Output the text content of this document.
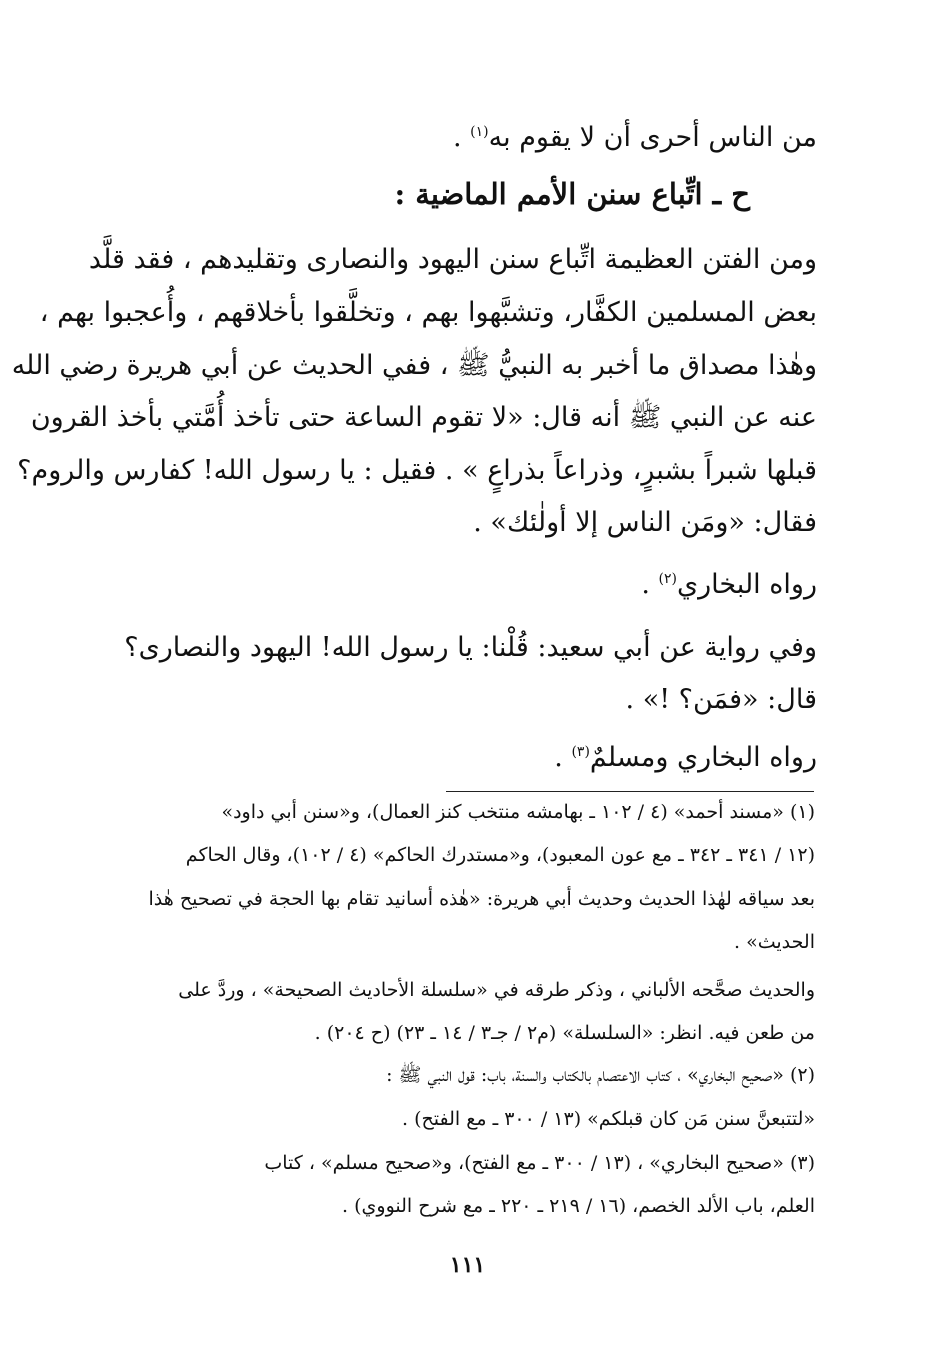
من الناس أحرى أن لا يقوم به$^{(١)}$ .
ح ـ اتِّباع سنن الأمم الماضية :
ومن الفتن العظيمة اتِّباع سنن اليهود والنصارى وتقليدهم ، فقد قلَّد
بعض المسلمين الكفَّار، وتشبَّهوا بهم ، وتخلَّقوا بأخلاقهم ، وأُعجبوا بهم ،
وهٰذا مصداق ما أخبر به النبيُّ ﷺ ، ففي الحديث عن أبي هريرة رضي الله
عنه عن النبي ﷺ أنه قال: «لا تقوم الساعة حتى تأخذ أُمَّتي بأخذ القرون
قبلها شبراً بشبرٍ، وذراعاً بذراعٍ » . فقيل : يا رسول الله! كفارس والروم؟
فقال: «ومَن الناس إلا أولٰئك» .
رواه البخاري$^{(٢)}$ .
وفي رواية عن أبي سعيد: قُلْنا: يا رسول الله! اليهود والنصارى؟
قال: «فمَن؟ !» .
رواه البخاري ومسلمٌ$^{(٣)}$ .
(١) «مسند أحمد» (٤ / ١٠٢ ـ بهامشه منتخب كنز العمال)، و«سنن أبي داود»
(١٢ / ٣٤١ ـ ٣٤٢ ـ مع عون المعبود)، و«مستدرك الحاكم» (٤ / ١٠٢)، وقال الحاكم
بعد سياقه لهٰذا الحديث وحديث أبي هريرة: «هٰذه أسانيد تقام بها الحجة في تصحيح هٰذا
الحديث» .
والحديث صحَّحه الألباني ، وذكر طرقه في «سلسلة الأحاديث الصحيحة» ، وردَّ على
من طعن فيه. انظر: «السلسلة» (م٢ / جـ٣ / ١٤ ـ ٢٣) (ح ٢٠٤) .
(٢) «صحيح البخاري» ، كتاب الاعتصام بالكتاب والسنة، باب: قول النبي ﷺ :
«لتتبعنَّ سنن مَن كان قبلكم» (١٣ / ٣٠٠ ـ مع الفتح) .
(٣) «صحيح البخاري» ، (١٣ / ٣٠٠ ـ مع الفتح)، و«صحيح مسلم» ، كتاب
العلم، باب الألد الخصم، (١٦ / ٢١٩ ـ ٢٢٠ ـ مع شرح النووي) .
١١١
